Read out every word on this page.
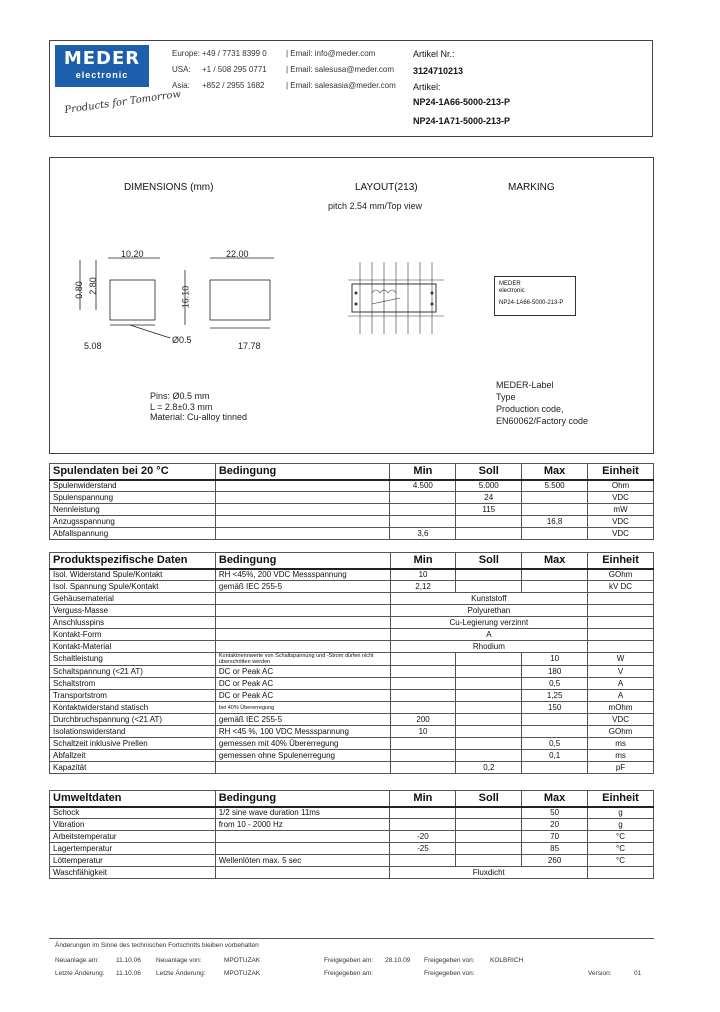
MEDER
electronic
Products for Tomorrow
Europe: +49 / 7731 8399 0 | Email: info@meder.com
USA: +1 / 508 295 0771 | Email: salesusa@meder.com
Asia: +852 / 2955 1682	| Email: salesasia@meder.com
Artikel Nr.:
3124710213
Artikel:
NP24-1A66-5000-213-P
NP24-1A71-5000-213-P
DIMENSIONS (mm)	LAYOUT(213)	MARKING
pitch 2.54 mm/Top view
10.20	22.00
0.80 2.80	16.10
5.08
Ø0.5
17.78
Pins: Ø0.5 mm
L = 2.8±0.3 mm
Material: Cu-alloy tinned
MEDER
electronic
NP24-1A66-5000-213-P
MEDER-Label
Type
Production code,
EN60062/Factory code
Spulendaten bei 20 °C	Bedingung	Min	Soll	Max	Einheit
Spulenwiderstand		4.500	5.000	5.500	Ohm
Spulenspannung			24		VDC
Nennleistung			115		mW
Anzugsspannung				16,8	VDC
Abfallspannung		3,6			VDC
Produktspezifische Daten	Bedingung	Min	Soll	Max	Einheit
Isol. Widerstand Spule/Kontakt	RH <45%, 200 VDC Messspannung	10			GOhm
Isol. Spannung Spule/Kontakt	gemäß IEC 255-5	2,12			kV DC
Gehäusematerial		Kunststoff			
Verguss-Masse		Polyurethan			
Anschlusspins		Cu-Legierung verzinnt			
Kontakt-Form		A			
Kontakt-Material		Rhodium			
Schaltleistung	Kontaktnennwerte von Schaltspannung und -Strom dürfen nicht überschritten werden			10	W
Schaltspannung (<21 AT)	DC or Peak AC			180	V
Schaltstrom	DC or Peak AC			0,5	A
Transportstrom	DC or Peak AC			1,25	A
Kontaktwiderstand statisch	bei 40% Übererregung			150	mOhm
Durchbruchspannung (<21 AT)	gemäß IEC 255-5	200			VDC
Isolationswiderstand	RH <45 %, 100 VDC Messspannung	10			GOhm
Schaltzeit inklusive Prellen	gemessen mit 40% Übererregung			0,5	ms
Abfallzeit	gemessen ohne Spulenerregung			0,1	ms
Kapazität			0,2		pF
Umweltdaten	Bedingung	Min	Soll	Max	Einheit
Schock	1/2 sine wave duration 11ms			50	g
Vibration	from 10 - 2000 Hz			20	g
Arbeitstemperatur		-20		70	°C
Lagertemperatur		-25		85	°C
Löttemperatur	Wellenlöten max. 5 sec			260	°C
Waschfähigkeit		Fluxdicht			
Änderungen im Sinne des technischen Fortschritts bleiben vorbehalten
Neuanlage am:	11.10.06 Neuanlage von:	MPOTUZAK	Freigegeben am: 28.10.09 Freigegeben von: KOLBRICH
Letzte Änderung: 11.10.06 Letzte Änderung:	MPOTUZAK	Freigegeben am:	Freigegeben von:	Version:	01
